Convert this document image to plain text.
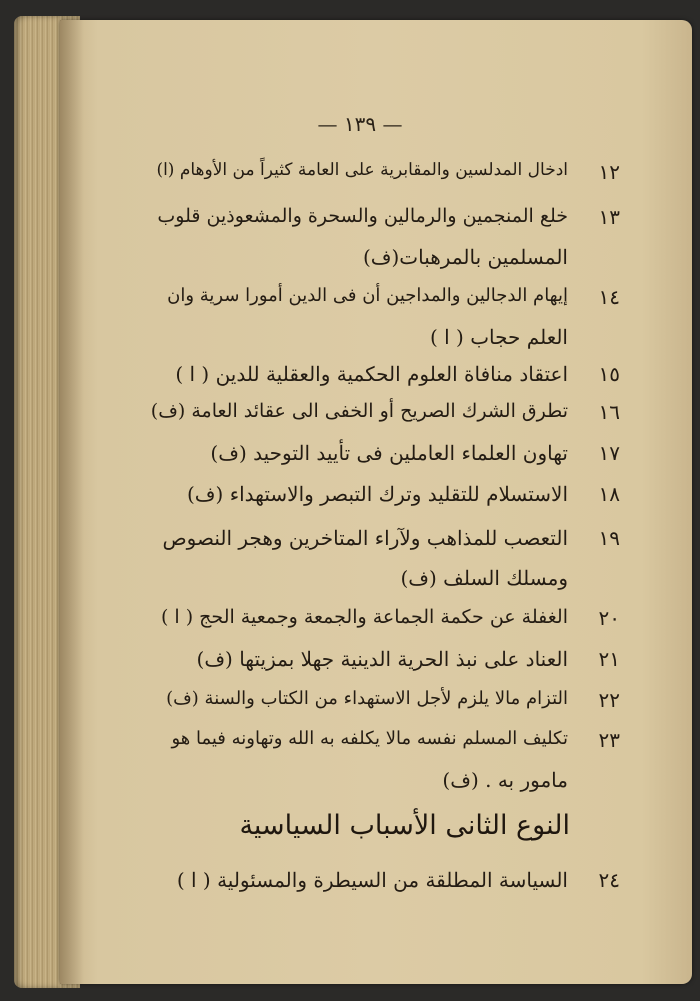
— ١٣٩ —
١٢
ادخال المدلسين والمقابرية على العامة كثيراً من الأوهام (ا)
١٣
خلع المنجمين والرمالين والسحرة والمشعوذين قلوب
المسلمين بالمرهبات(ف)
١٤
إيهام الدجالين والمداجين أن فى الدين أمورا سرية وان
العلم حجاب ( ا )
١٥
اعتقاد منافاة العلوم الحكمية والعقلية للدين ( ا )
١٦
تطرق الشرك الصريح أو الخفى الى عقائد العامة (ف)
١٧
تهاون العلماء العاملين فى تأييد التوحيد (ف)
١٨
الاستسلام للتقليد وترك التبصر والاستهداء (ف)
١٩
التعصب للمذاهب ولآراء المتاخرين وهجر النصوص
ومسلك السلف (ف)
٢٠
الغفلة عن حكمة الجماعة والجمعة وجمعية الحج ( ا )
٢١
العناد على نبذ الحرية الدينية جهلا بمزيتها (ف)
٢٢
التزام مالا يلزم لأجل الاستهداء من الكتاب والسنة (ف)
٢٣
تكليف المسلم نفسه مالا يكلفه به الله وتهاونه فيما هو
مامور به . (ف)
النوع الثانى الأسباب السياسية
٢٤
السياسة المطلقة من السيطرة والمسئولية ( ا )
